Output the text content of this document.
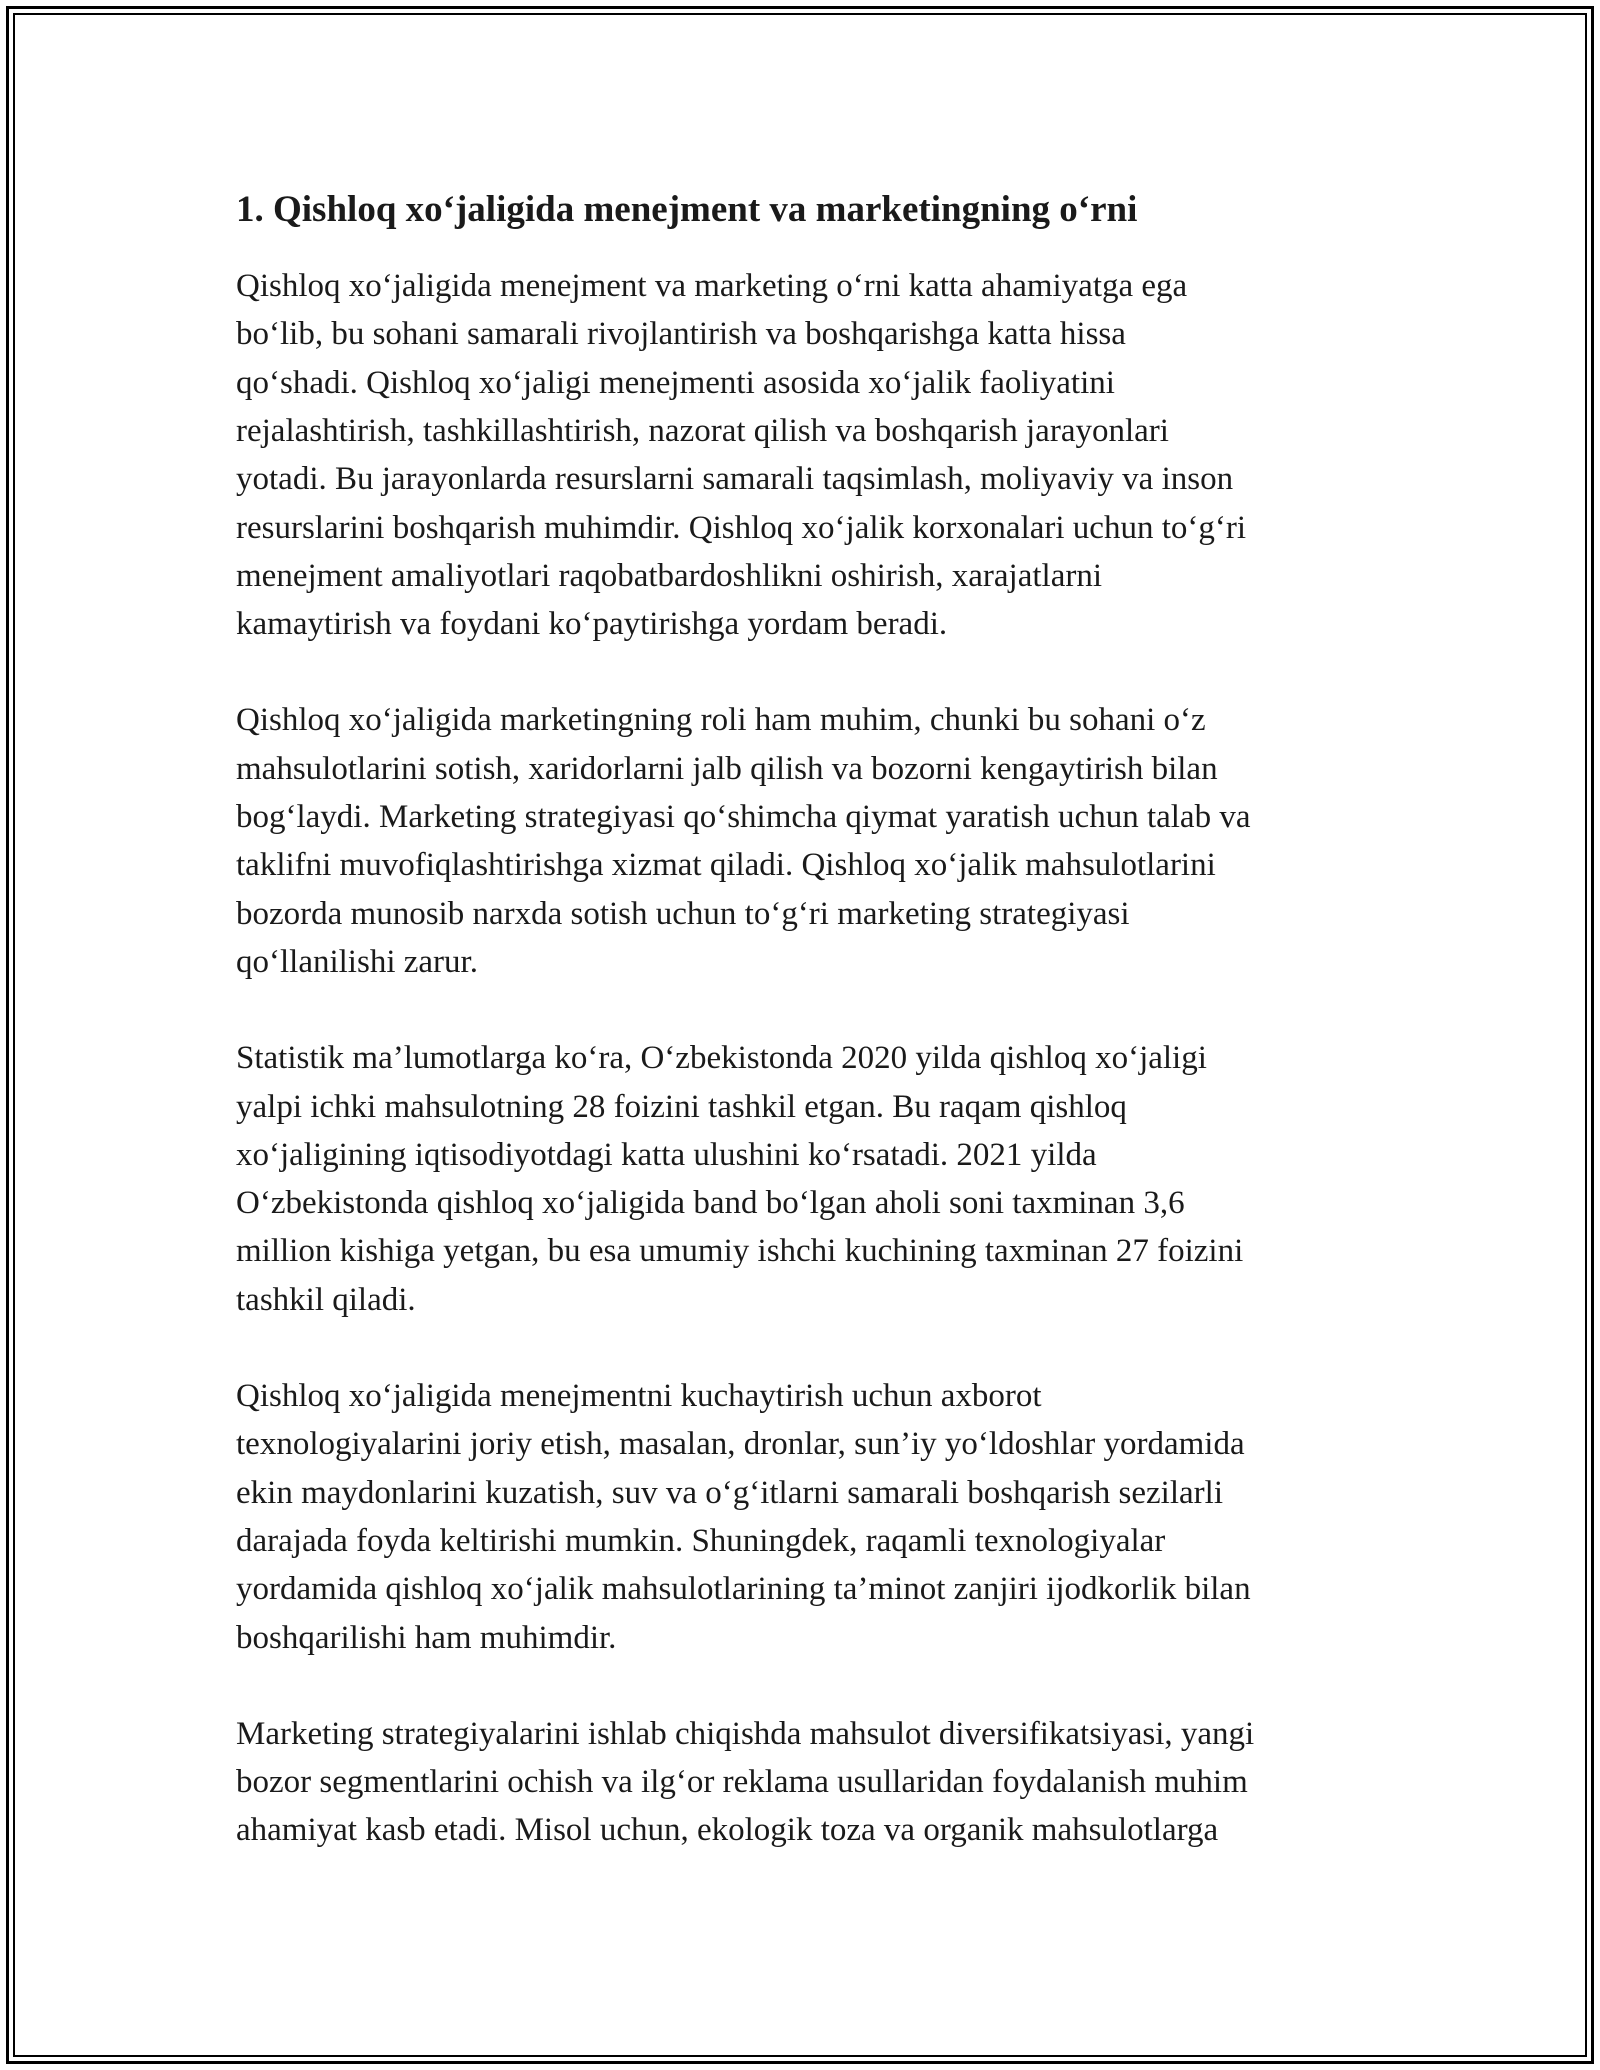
1. Qishloq xo‘jaligida menejment va marketingning o‘rni

Qishloq xo‘jaligida menejment va marketing o‘rni katta ahamiyatga ega
bo‘lib, bu sohani samarali rivojlantirish va boshqarishga katta hissa
qo‘shadi. Qishloq xo‘jaligi menejmenti asosida xo‘jalik faoliyatini
rejalashtirish, tashkillashtirish, nazorat qilish va boshqarish jarayonlari
yotadi. Bu jarayonlarda resurslarni samarali taqsimlash, moliyaviy va inson
resurslarini boshqarish muhimdir. Qishloq xo‘jalik korxonalari uchun to‘g‘ri
menejment amaliyotlari raqobatbardoshlikni oshirish, xarajatlarni
kamaytirish va foydani ko‘paytirishga yordam beradi.

Qishloq xo‘jaligida marketingning roli ham muhim, chunki bu sohani o‘z
mahsulotlarini sotish, xaridorlarni jalb qilish va bozorni kengaytirish bilan
bog‘laydi. Marketing strategiyasi qo‘shimcha qiymat yaratish uchun talab va
taklifni muvofiqlashtirishga xizmat qiladi. Qishloq xo‘jalik mahsulotlarini
bozorda munosib narxda sotish uchun to‘g‘ri marketing strategiyasi
qo‘llanilishi zarur.

Statistik ma’lumotlarga ko‘ra, O‘zbekistonda 2020 yilda qishloq xo‘jaligi
yalpi ichki mahsulotning 28 foizini tashkil etgan. Bu raqam qishloq
xo‘jaligining iqtisodiyotdagi katta ulushini ko‘rsatadi. 2021 yilda
O‘zbekistonda qishloq xo‘jaligida band bo‘lgan aholi soni taxminan 3,6
million kishiga yetgan, bu esa umumiy ishchi kuchining taxminan 27 foizini
tashkil qiladi.

Qishloq xo‘jaligida menejmentni kuchaytirish uchun axborot
texnologiyalarini joriy etish, masalan, dronlar, sun’iy yo‘ldoshlar yordamida
ekin maydonlarini kuzatish, suv va o‘g‘itlarni samarali boshqarish sezilarli
darajada foyda keltirishi mumkin. Shuningdek, raqamli texnologiyalar
yordamida qishloq xo‘jalik mahsulotlarining ta’minot zanjiri ijodkorlik bilan
boshqarilishi ham muhimdir.

Marketing strategiyalarini ishlab chiqishda mahsulot diversifikatsiyasi, yangi
bozor segmentlarini ochish va ilg‘or reklama usullaridan foydalanish muhim
ahamiyat kasb etadi. Misol uchun, ekologik toza va organik mahsulotlarga
